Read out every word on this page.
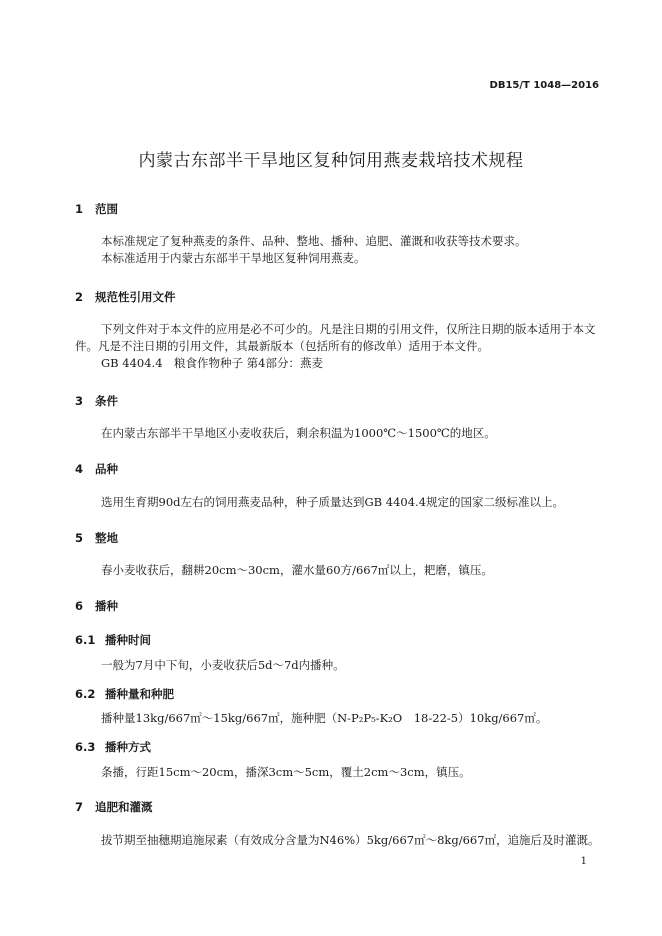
DB15/T 1048—2016
内蒙古东部半干旱地区复种饲用燕麦栽培技术规程
1 范围
本标准规定了复种燕麦的条件、品种、整地、播种、追肥、灌溉和收获等技术要求。
本标准适用于内蒙古东部半干旱地区复种饲用燕麦。
2 规范性引用文件
下列文件对于本文件的应用是必不可少的。凡是注日期的引用文件，仅所注日期的版本适用于本文
件。凡是不注日期的引用文件，其最新版本（包括所有的修改单）适用于本文件。
GB 4404.4　粮食作物种子 第4部分：燕麦
3 条件
在内蒙古东部半干旱地区小麦收获后，剩余积温为1000℃～1500℃的地区。
4 品种
选用生育期90d左右的饲用燕麦品种，种子质量达到GB 4404.4规定的国家二级标准以上。
5 整地
春小麦收获后，翻耕20cm～30cm，灌水量60方/667㎡以上，耙磨，镇压。
6 播种
6.1 播种时间
一般为7月中下旬，小麦收获后5d～7d内播种。
6.2 播种量和种肥
播种量13kg/667㎡～15kg/667㎡，施种肥（N-P₂P₅-K₂O　18-22-5）10kg/667㎡。
6.3 播种方式
条播，行距15cm～20cm，播深3cm～5cm，覆土2cm～3cm，镇压。
7 追肥和灌溉
拔节期至抽穗期追施尿素（有效成分含量为N46%）5kg/667㎡～8kg/667㎡，追施后及时灌溉。
1
